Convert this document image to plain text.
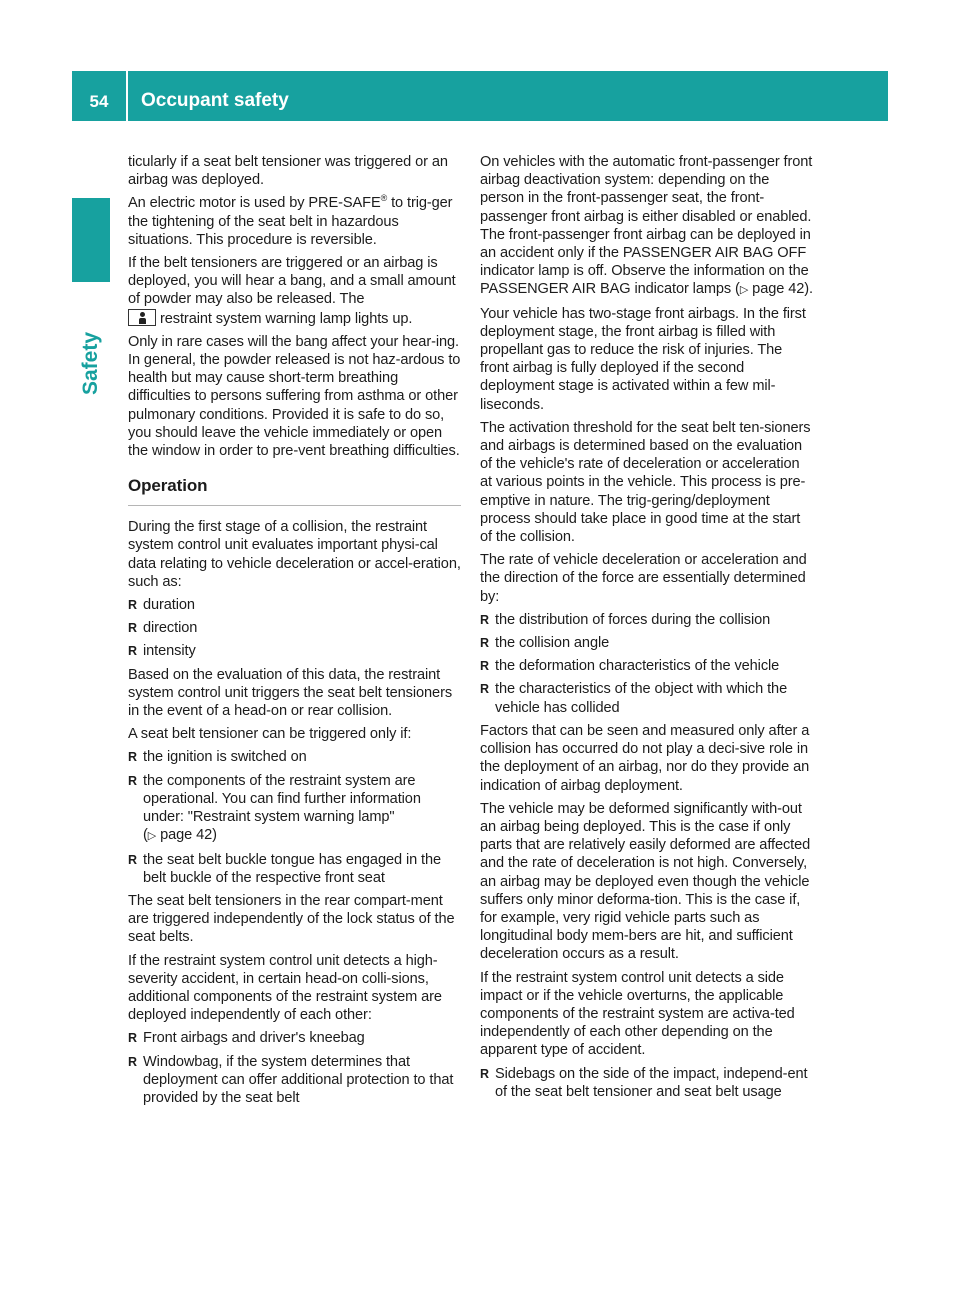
54	Occupant safety
Safety

ticularly if a seat belt tensioner was triggered or an airbag was deployed.

An electric motor is used by PRE-SAFE® to trig-ger the tightening of the seat belt in hazardous situations. This procedure is reversible.

If the belt tensioners are triggered or an airbag is deployed, you will hear a bang, and a small amount of powder may also be released. The
restraint system warning lamp lights up.

Only in rare cases will the bang affect your hear-ing. In general, the powder released is not haz-ardous to health but may cause short-term breathing difficulties to persons suffering from asthma or other pulmonary conditions. Provided it is safe to do so, you should leave the vehicle immediately or open the window in order to pre-vent breathing difficulties.

Operation

During the first stage of a collision, the restraint system control unit evaluates important physi-cal data relating to vehicle deceleration or accel-eration, such as:

R duration
R direction
R intensity

Based on the evaluation of this data, the restraint system control unit triggers the seat belt tensioners in the event of a head-on or rear collision.

A seat belt tensioner can be triggered only if:

R the ignition is switched on
R the components of the restraint system are operational. You can find further information under: "Restraint system warning lamp"
(▷ page 42)
R the seat belt buckle tongue has engaged in the belt buckle of the respective front seat

The seat belt tensioners in the rear compart-ment are triggered independently of the lock status of the seat belts.

If the restraint system control unit detects a high-severity accident, in certain head-on colli-sions, additional components of the restraint system are deployed independently of each other:

R Front airbags and driver's kneebag
R Windowbag, if the system determines that deployment can offer additional protection to that provided by the seat belt

On vehicles with the automatic front-passenger front airbag deactivation system: depending on the person in the front-passenger seat, the front-passenger front airbag is either disabled or enabled. The front-passenger front airbag can be deployed in an accident only if the PASSENGER AIR BAG OFF indicator lamp is off. Observe the information on the PASSENGER AIR BAG indicator lamps (▷ page 42).

Your vehicle has two-stage front airbags. In the first deployment stage, the front airbag is filled with propellant gas to reduce the risk of injuries. The front airbag is fully deployed if the second deployment stage is activated within a few mil-liseconds.

The activation threshold for the seat belt ten-sioners and airbags is determined based on the evaluation of the vehicle's rate of deceleration or acceleration at various points in the vehicle. This process is pre-emptive in nature. The trig-gering/deployment process should take place in good time at the start of the collision.

The rate of vehicle deceleration or acceleration and the direction of the force are essentially determined by:

R the distribution of forces during the collision
R the collision angle
R the deformation characteristics of the vehicle
R the characteristics of the object with which the vehicle has collided

Factors that can be seen and measured only after a collision has occurred do not play a deci-sive role in the deployment of an airbag, nor do they provide an indication of airbag deployment.

The vehicle may be deformed significantly with-out an airbag being deployed. This is the case if only parts that are relatively easily deformed are affected and the rate of deceleration is not high. Conversely, an airbag may be deployed even though the vehicle suffers only minor deforma-tion. This is the case if, for example, very rigid vehicle parts such as longitudinal body mem-bers are hit, and sufficient deceleration occurs as a result.

If the restraint system control unit detects a side impact or if the vehicle overturns, the applicable components of the restraint system are activa-ted independently of each other depending on the apparent type of accident.

R Sidebags on the side of the impact, independ-ent of the seat belt tensioner and seat belt usage
